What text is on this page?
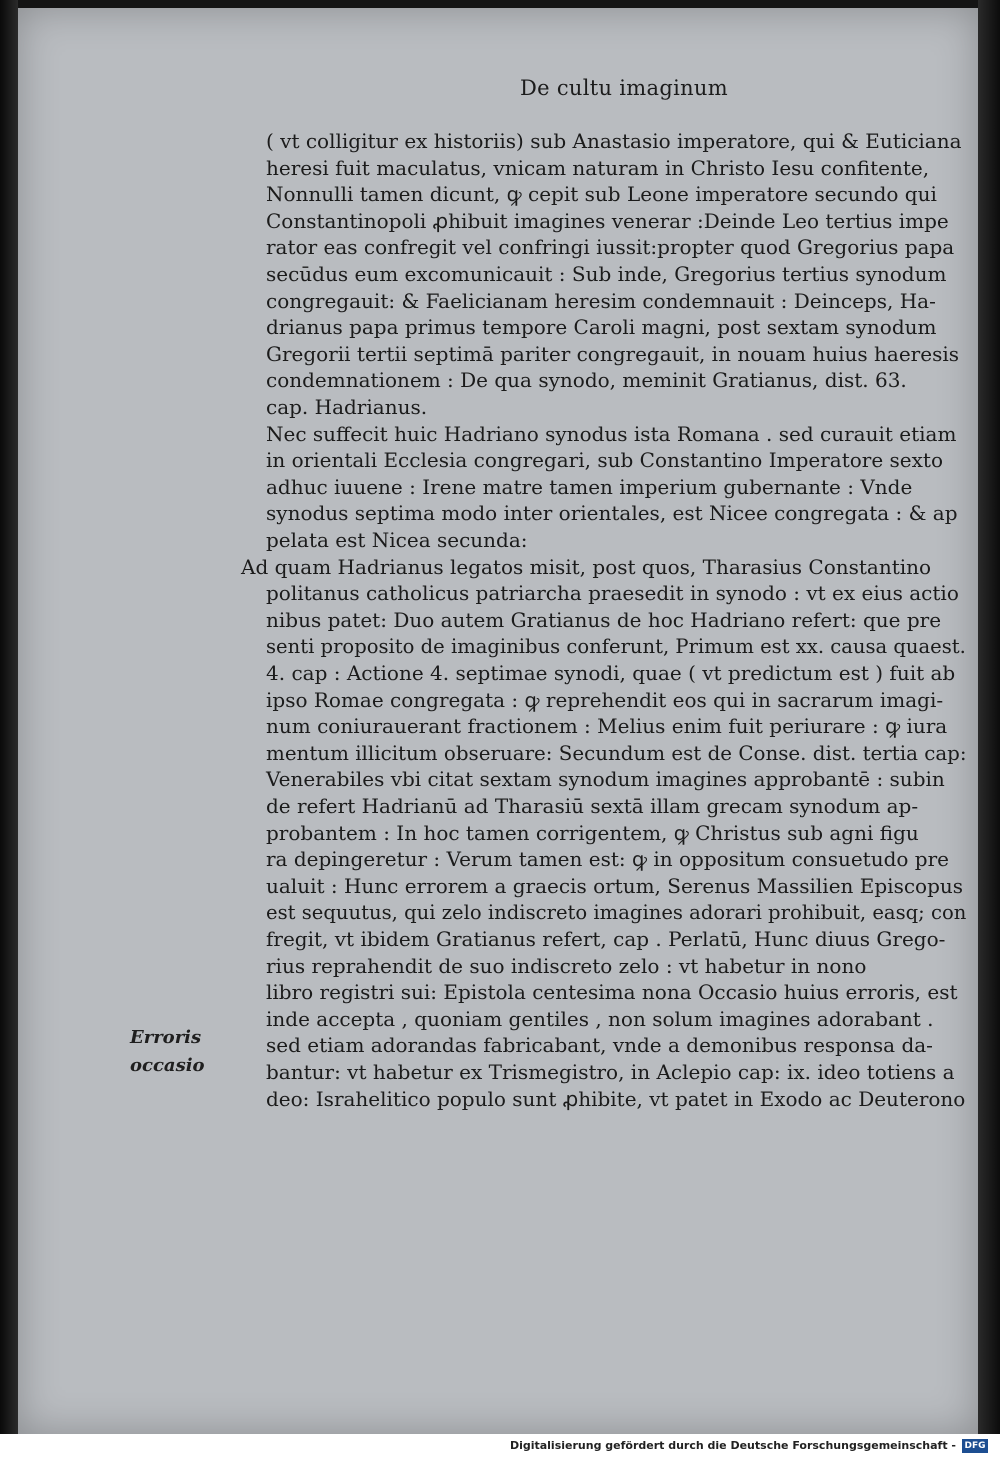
De cultu imaginum
( vt colligitur ex historiis) sub Anastasio imperatore, qui & Euticiana
heresi fuit maculatus, vnicam naturam in Christo Iesu confitente,
Nonnulli tamen dicunt, ꝙ cepit sub Leone imperatore secundo qui
Constantinopoli ꝓhibuit imagines venerar :Deinde Leo tertius impe
rator eas confregit vel confringi iussit:propter quod Gregorius papa
secūdus eum excomunicauit : Sub inde, Gregorius tertius synodum
congregauit: & Faelicianam heresim condemnauit : Deinceps, Ha-
drianus papa primus tempore Caroli magni, post sextam synodum
Gregorii tertii septimā pariter congregauit, in nouam huius haeresis
condemnationem : De qua synodo, meminit Gratianus, dist. 63.
cap. Hadrianus.
Nec suffecit huic Hadriano synodus ista Romana . sed curauit etiam
in orientali Ecclesia congregari, sub Constantino Imperatore sexto
adhuc iuuene : Irene matre tamen imperium gubernante : Vnde
synodus septima modo inter orientales, est Nicee congregata : & ap
pelata est Nicea secunda:
Ad quam Hadrianus legatos misit, post quos, Tharasius Constantino
politanus catholicus patriarcha praesedit in synodo : vt ex eius actio
nibus patet: Duo autem Gratianus de hoc Hadriano refert: que pre
senti proposito de imaginibus conferunt, Primum est xx. causa quaest.
4. cap : Actione 4. septimae synodi, quae ( vt predictum est ) fuit ab
ipso Romae congregata : ꝙ reprehendit eos qui in sacrarum imagi-
num coniurauerant fractionem : Melius enim fuit periurare : ꝙ iura
mentum illicitum obseruare: Secundum est de Conse. dist. tertia cap:
Venerabiles vbi citat sextam synodum imagines approbantē : subin
de refert Hadrianū ad Tharasiū sextā illam grecam synodum ap-
probantem : In hoc tamen corrigentem, ꝙ Christus sub agni figu
ra depingeretur : Verum tamen est: ꝙ in oppositum consuetudo pre
ualuit : Hunc errorem a graecis ortum, Serenus Massilien Episcopus
est sequutus, qui zelo indiscreto imagines adorari prohibuit, easq; con
fregit, vt ibidem Gratianus refert, cap . Perlatū, Hunc diuus Grego-
rius reprahendit de suo indiscreto zelo : vt habetur in nono
libro registri sui: Epistola centesima nona Occasio huius erroris, est
inde accepta , quoniam gentiles , non solum imagines adorabant .
sed etiam adorandas fabricabant, vnde a demonibus responsa da-
bantur: vt habetur ex Trismegistro, in Aclepio cap: ix. ideo totiens a
deo: Israhelitico populo sunt ꝓhibite, vt patet in Exodo ac Deuterono
Erroris
occasio
Digitalisierung gefördert durch die Deutsche Forschungsgemeinschaft - DFG
